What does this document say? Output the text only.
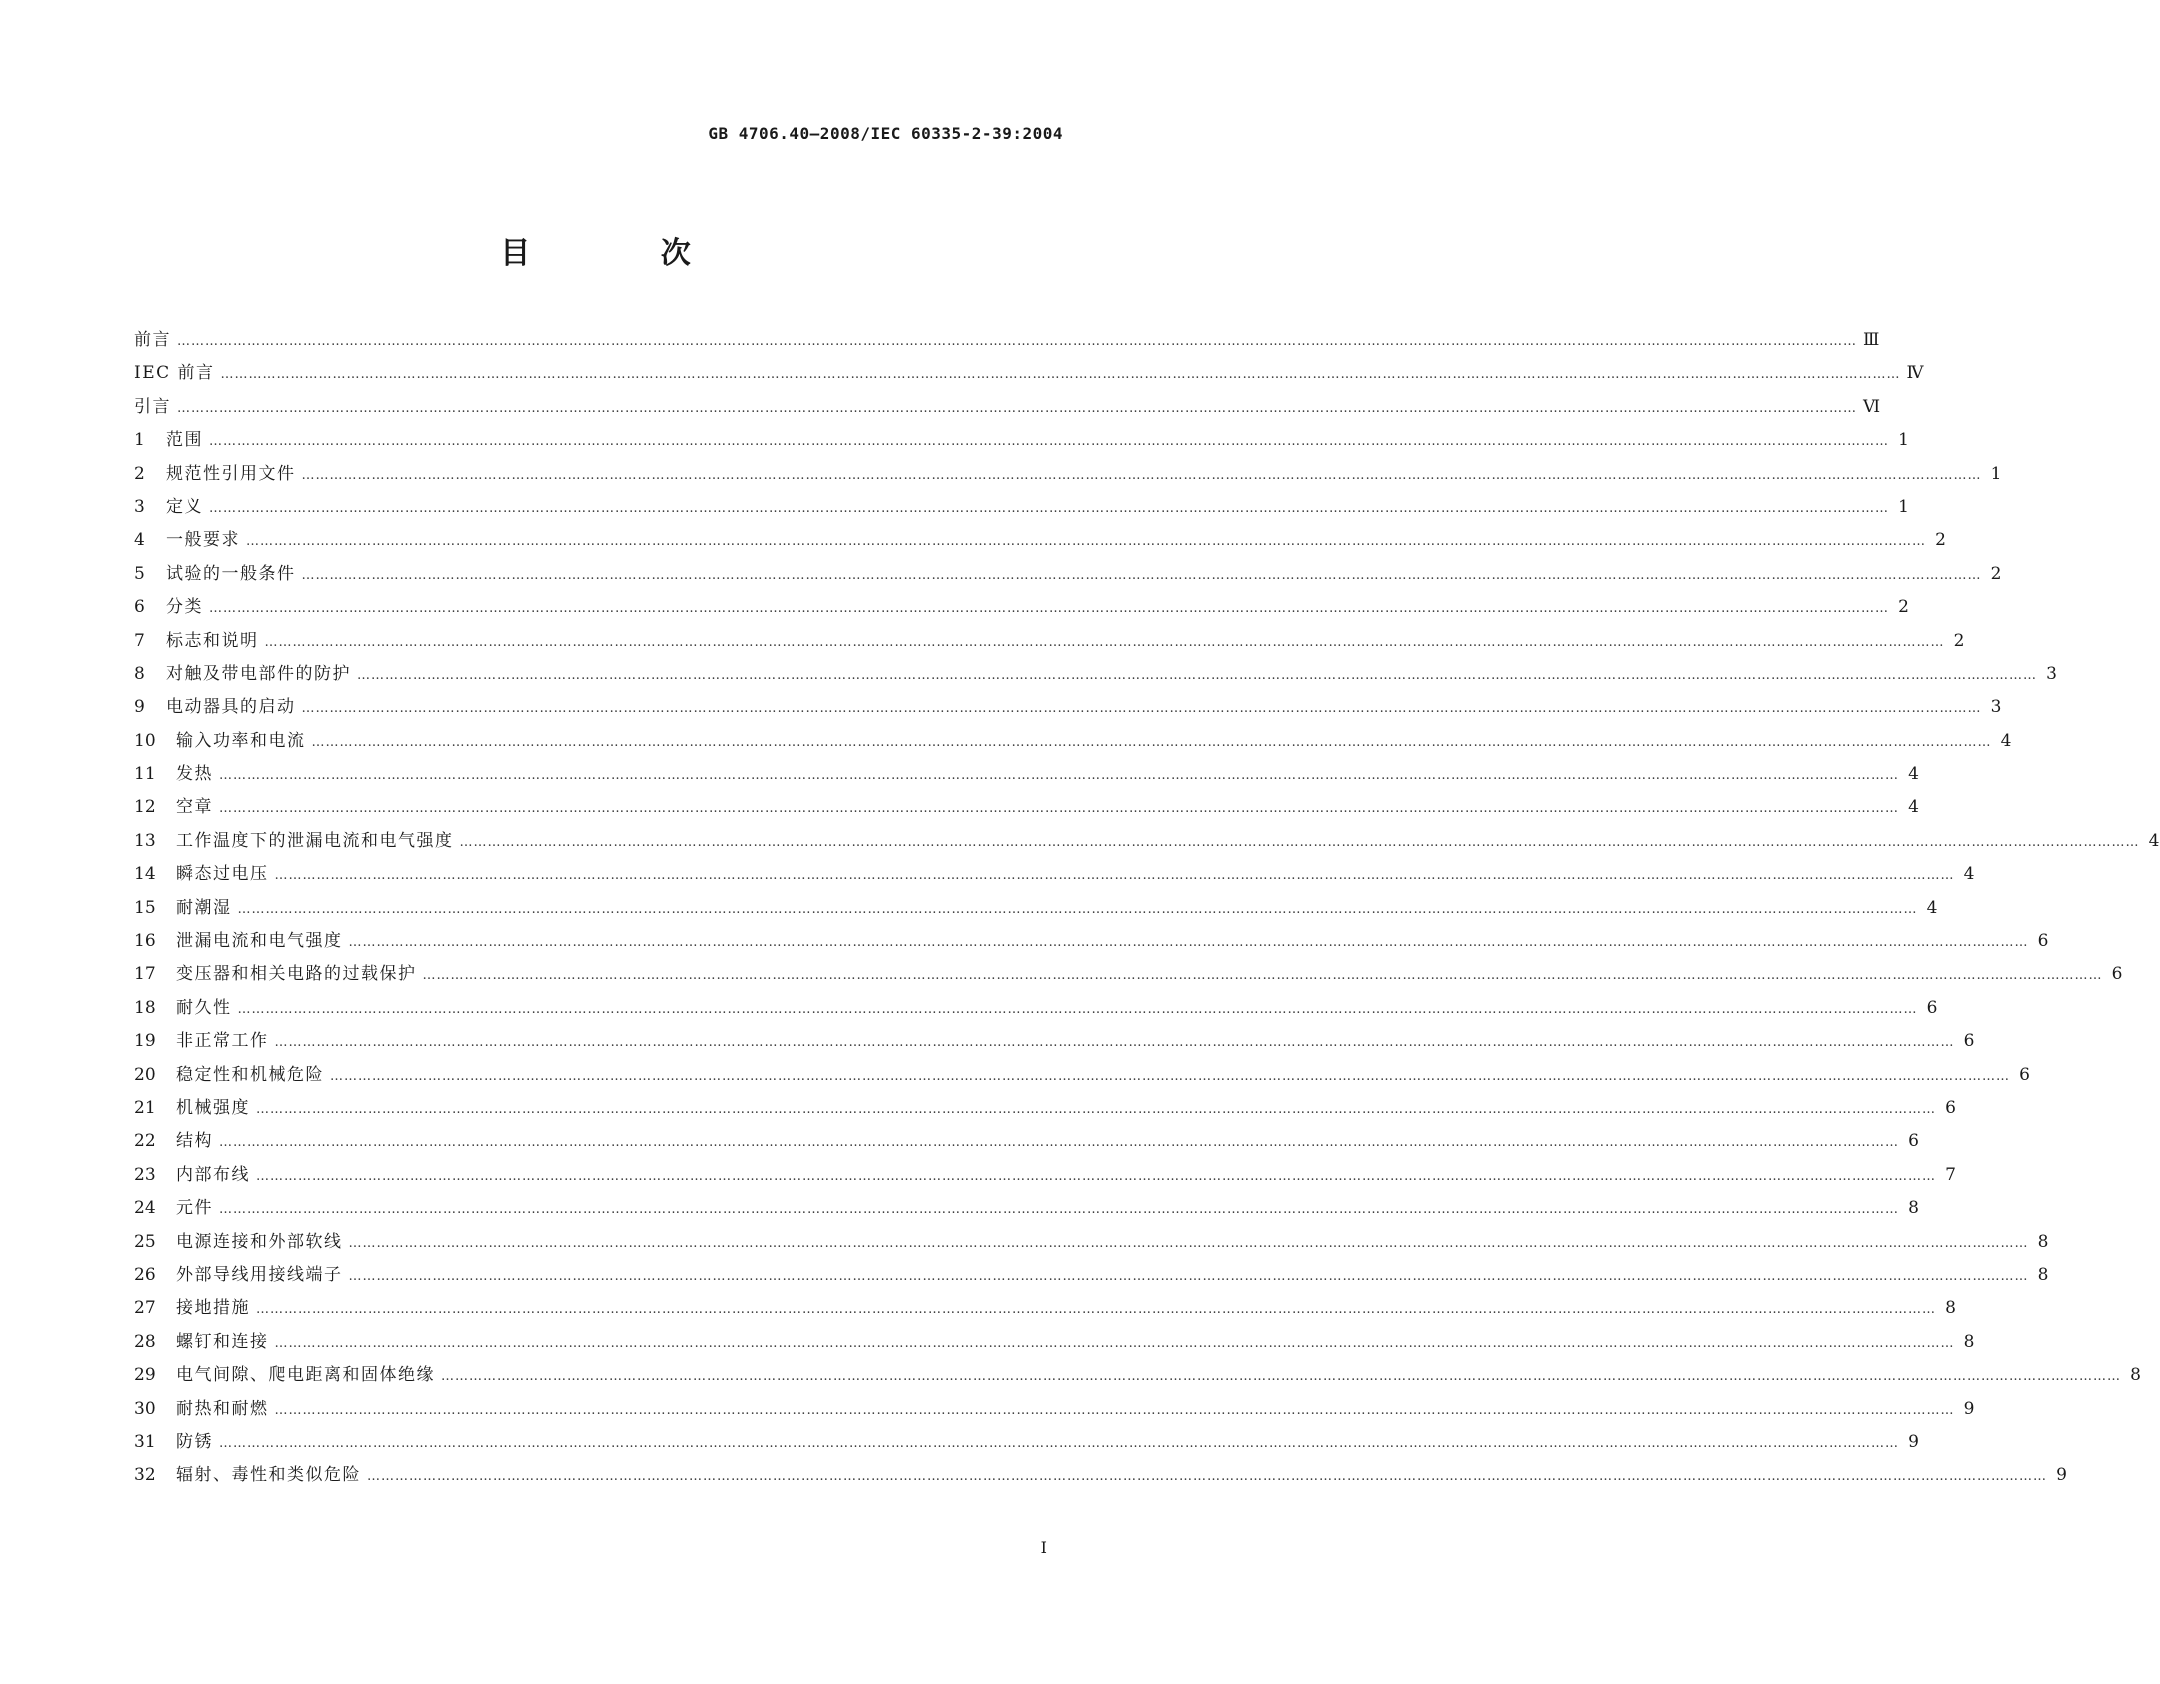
GB 4706.40—2008/IEC 60335-2-39:2004
目 次
前言 ……………………………………………………………………………………………………………………………………………………………………………………………………………………………………………………………………………………………………………………………… Ⅲ
IEC 前言 ……………………………………………………………………………………………………………………………………………………………………………………………………………………………………………………………………………………………………………………………… Ⅳ
引言 ……………………………………………………………………………………………………………………………………………………………………………………………………………………………………………………………………………………………………………………………… Ⅵ
1	范围 ……………………………………………………………………………………………………………………………………………………………………………………………………………………………………………………………………………………………………………………………… 1
2	规范性引用文件 ……………………………………………………………………………………………………………………………………………………………………………………………………………………………………………………………………………………………………………………………… 1
3	定义 ……………………………………………………………………………………………………………………………………………………………………………………………………………………………………………………………………………………………………………………………… 1
4	一般要求 ……………………………………………………………………………………………………………………………………………………………………………………………………………………………………………………………………………………………………………………………… 2
5	试验的一般条件 ……………………………………………………………………………………………………………………………………………………………………………………………………………………………………………………………………………………………………………………………… 2
6	分类 ……………………………………………………………………………………………………………………………………………………………………………………………………………………………………………………………………………………………………………………………… 2
7	标志和说明 ……………………………………………………………………………………………………………………………………………………………………………………………………………………………………………………………………………………………………………………………… 2
8	对触及带电部件的防护 ……………………………………………………………………………………………………………………………………………………………………………………………………………………………………………………………………………………………………………………………… 3
9	电动器具的启动 ……………………………………………………………………………………………………………………………………………………………………………………………………………………………………………………………………………………………………………………………… 3
10	输入功率和电流 ……………………………………………………………………………………………………………………………………………………………………………………………………………………………………………………………………………………………………………………………… 4
11	发热 ……………………………………………………………………………………………………………………………………………………………………………………………………………………………………………………………………………………………………………………………… 4
12	空章 ……………………………………………………………………………………………………………………………………………………………………………………………………………………………………………………………………………………………………………………………… 4
13	工作温度下的泄漏电流和电气强度 ……………………………………………………………………………………………………………………………………………………………………………………………………………………………………………………………………………………………………………………………… 4
14	瞬态过电压 ……………………………………………………………………………………………………………………………………………………………………………………………………………………………………………………………………………………………………………………………… 4
15	耐潮湿 ……………………………………………………………………………………………………………………………………………………………………………………………………………………………………………………………………………………………………………………………… 4
16	泄漏电流和电气强度 ……………………………………………………………………………………………………………………………………………………………………………………………………………………………………………………………………………………………………………………………… 6
17	变压器和相关电路的过载保护 ……………………………………………………………………………………………………………………………………………………………………………………………………………………………………………………………………………………………………………………………… 6
18	耐久性 ……………………………………………………………………………………………………………………………………………………………………………………………………………………………………………………………………………………………………………………………… 6
19	非正常工作 ……………………………………………………………………………………………………………………………………………………………………………………………………………………………………………………………………………………………………………………………… 6
20	稳定性和机械危险 ……………………………………………………………………………………………………………………………………………………………………………………………………………………………………………………………………………………………………………………………… 6
21	机械强度 ……………………………………………………………………………………………………………………………………………………………………………………………………………………………………………………………………………………………………………………………… 6
22	结构 ……………………………………………………………………………………………………………………………………………………………………………………………………………………………………………………………………………………………………………………………… 6
23	内部布线 ……………………………………………………………………………………………………………………………………………………………………………………………………………………………………………………………………………………………………………………………… 7
24	元件 ……………………………………………………………………………………………………………………………………………………………………………………………………………………………………………………………………………………………………………………………… 8
25	电源连接和外部软线 ……………………………………………………………………………………………………………………………………………………………………………………………………………………………………………………………………………………………………………………………… 8
26	外部导线用接线端子 ……………………………………………………………………………………………………………………………………………………………………………………………………………………………………………………………………………………………………………………………… 8
27	接地措施 ……………………………………………………………………………………………………………………………………………………………………………………………………………………………………………………………………………………………………………………………… 8
28	螺钉和连接 ……………………………………………………………………………………………………………………………………………………………………………………………………………………………………………………………………………………………………………………………… 8
29	电气间隙、爬电距离和固体绝缘 ……………………………………………………………………………………………………………………………………………………………………………………………………………………………………………………………………………………………………………………………… 8
30	耐热和耐燃 ……………………………………………………………………………………………………………………………………………………………………………………………………………………………………………………………………………………………………………………………… 9
31	防锈 ……………………………………………………………………………………………………………………………………………………………………………………………………………………………………………………………………………………………………………………………… 9
32	辐射、毒性和类似危险 ……………………………………………………………………………………………………………………………………………………………………………………………………………………………………………………………………………………………………………………………… 9
I
